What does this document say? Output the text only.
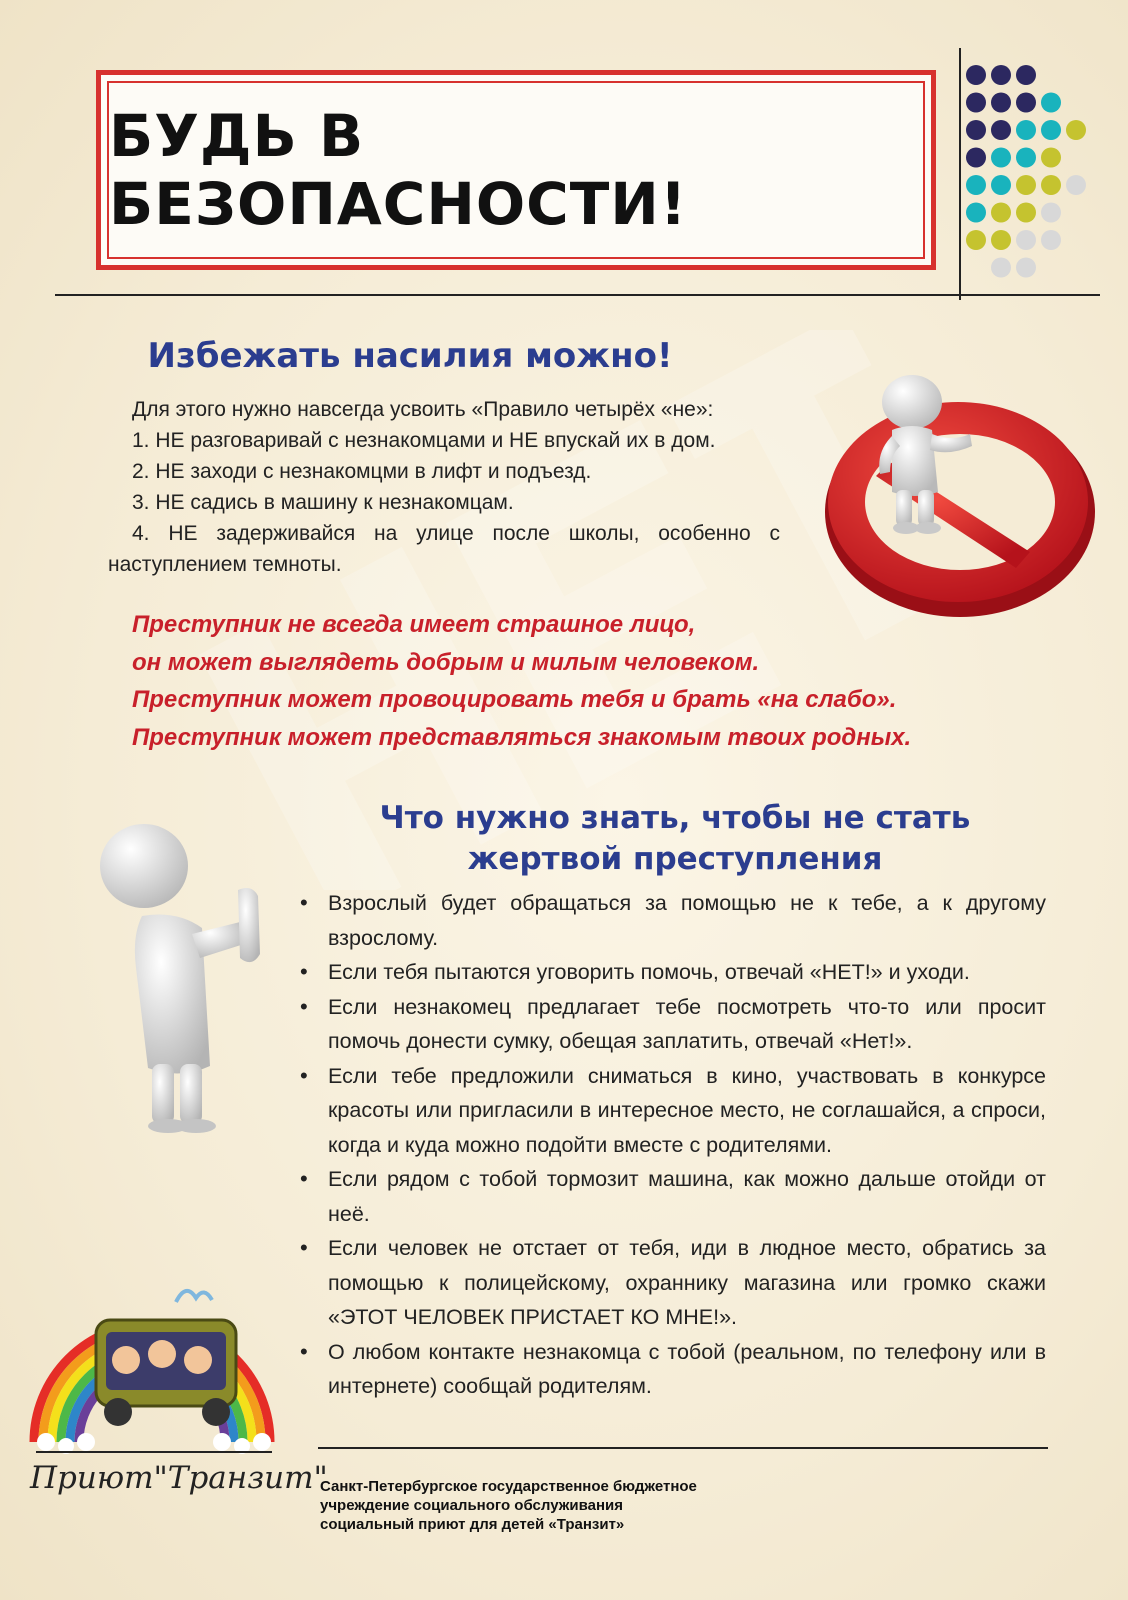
БУДЬ В БЕЗОПАСНОСТИ!
Избежать насилия можно!

Для этого нужно навсегда усвоить «Правило четырёх «не»:

1. НЕ разговаривай с незнакомцами и НЕ впускай их в дом.

2. НЕ заходи с незнакомцми в лифт и подъезд.

3. НЕ садись в машину к незнакомцам.

4. НЕ задерживайся на улице после школы, особенно с наступлением темноты.

Преступник не всегда имеет страшное лицо,
он может выглядеть добрым и милым человеком.
Преступник может провоцировать тебя и брать «на слабо».
Преступник может представляться знакомым твоих родных.
Что нужно знать, чтобы не стать
жертвой преступления
• Взрослый будет обращаться за помощью не к тебе, а к другому взрослому.
• Если тебя пытаются уговорить помочь, отвечай «НЕТ!» и уходи.
• Если незнакомец предлагает тебе посмотреть что-то или просит помочь донести сумку, обещая заплатить, отвечай «Нет!».
• Если тебе предложили сниматься в кино, участвовать в конкурсе красоты или пригласили в интересное место, не соглашайся, а спроси, когда и куда можно подойти вместе с родителями.
• Если рядом с тобой тормозит машина, как можно дальше отойди от неё.
• Если человек не отстает от тебя, иди в людное место, обратись за помощью к полицейскому, охраннику магазина или громко скажи «ЭТОТ ЧЕЛОВЕК ПРИСТАЕТ КО МНЕ!».
• О любом контакте незнакомца с тобой (реальном, по телефону или в интернете) сообщай родителям.
Приют"Транзит"
Санкт-Петербургское государственное бюджетное
учреждение социального обслуживания
социальный приют для детей «Транзит»
